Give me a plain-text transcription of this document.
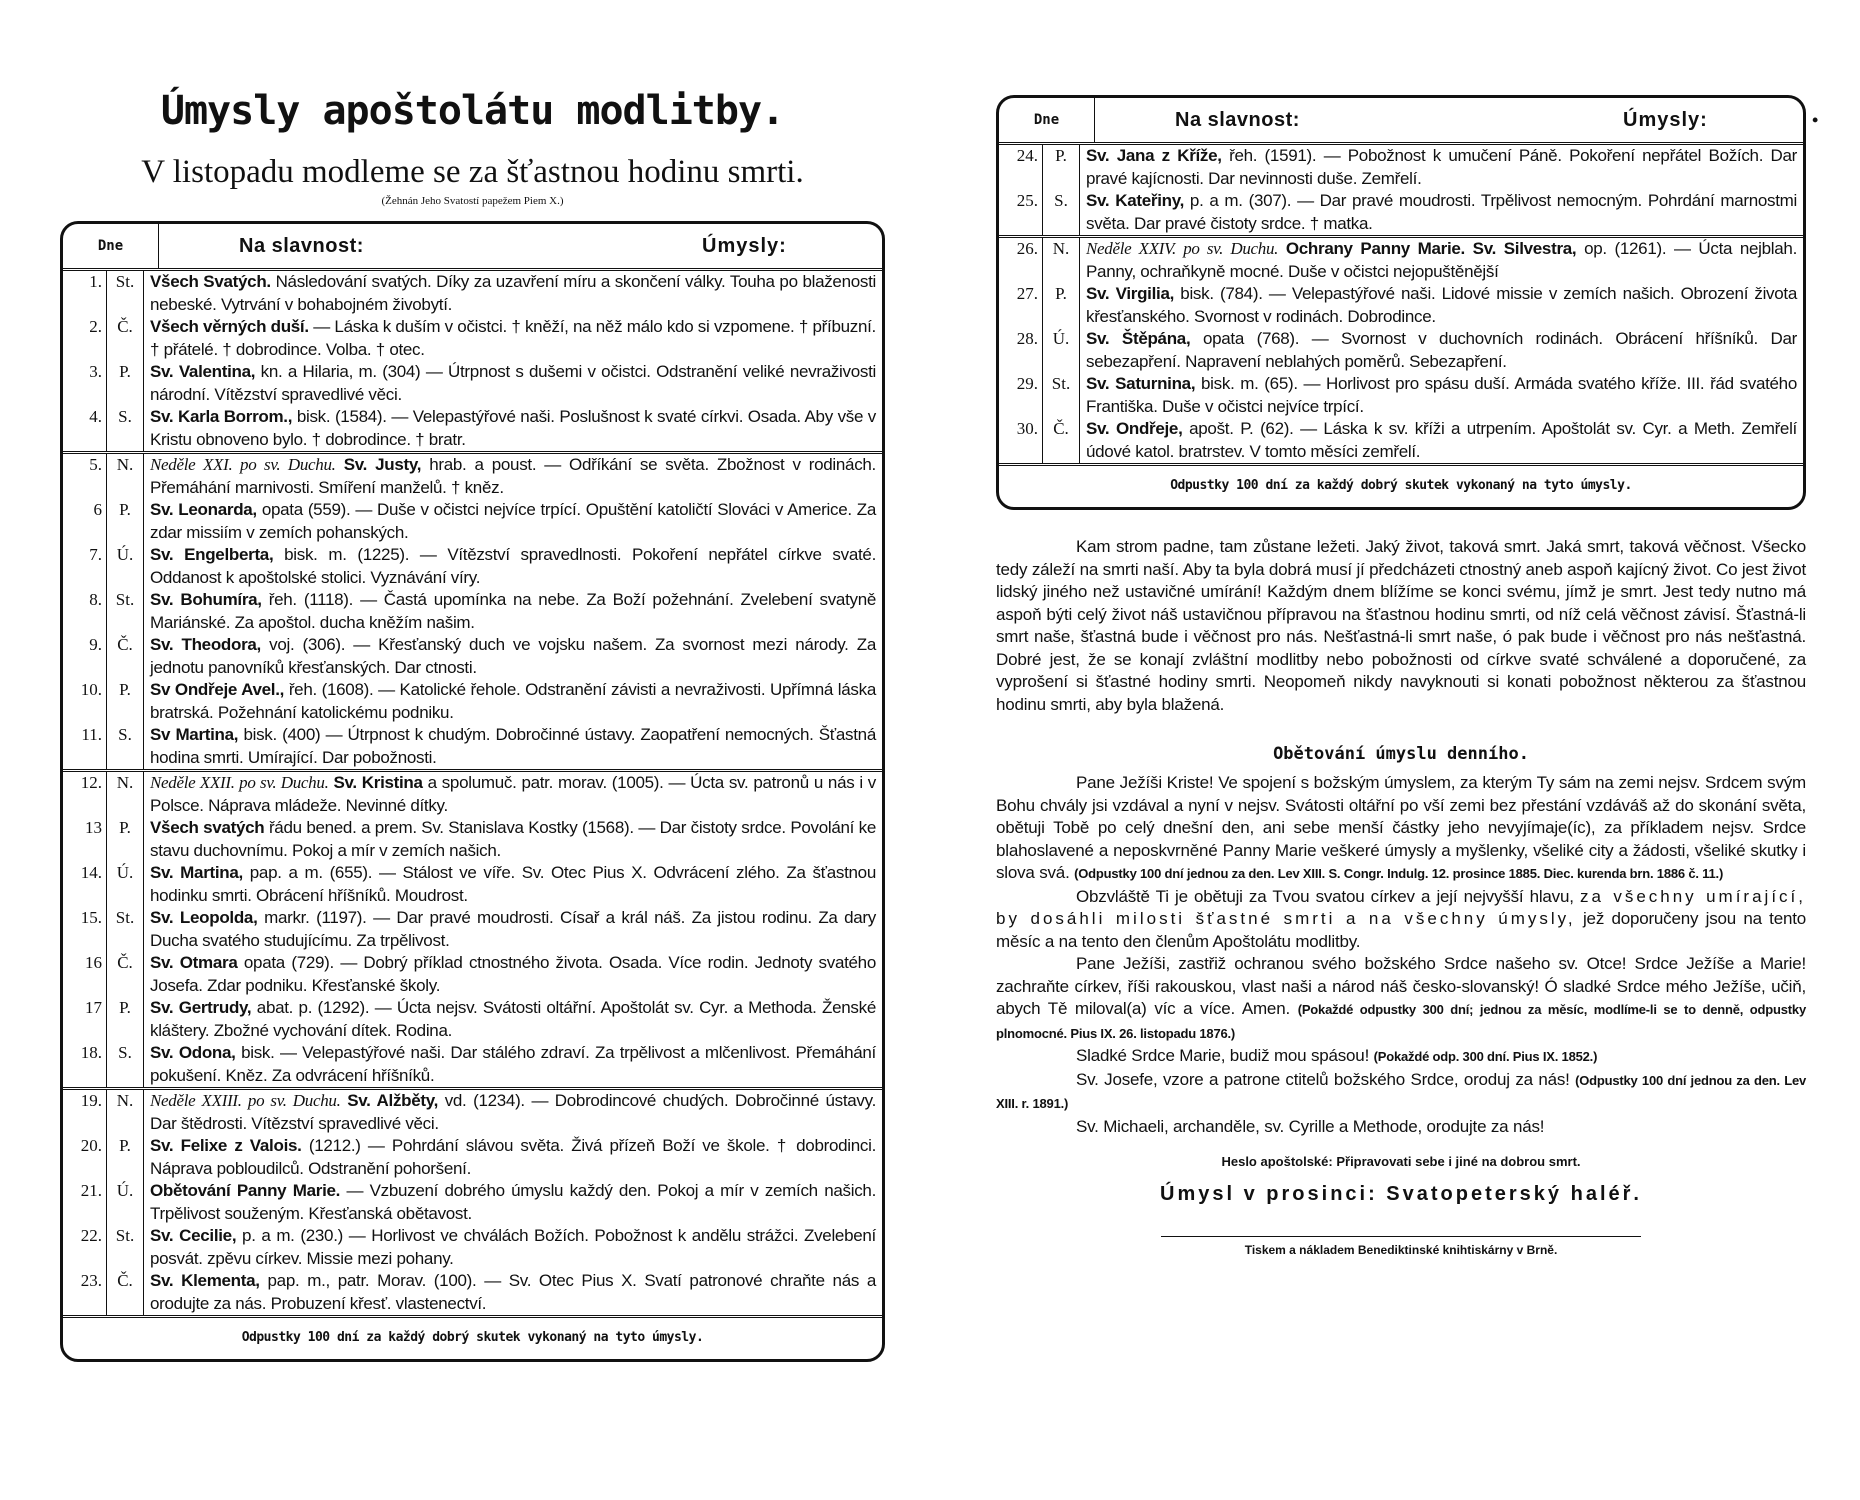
Úmysly apoštolátu modlitby.

V listopadu modleme se za šťastnou hodinu smrti.

(Žehnán Jeho Svatostí papežem Piem X.)

Dne	Na slavnost:	Úmysly:
1. St. Všech Svatých. Následování svatých. Díky za uzavření míru a skončení války. Touha po blaženosti nebeské. Vytrvání v bohabojném živobytí.
2. Č.	Všech věrných duší. — Láska k duším v očistci. † kněží, na něž málo kdo si vzpomene. † příbuzní. † přátelé. † dobrodince. Volba. † otec.
3.	P.	Sv. Valentina, kn. a Hilaria, m. (304) — Útrpnost s dušemi v očistci. Odstranění veliké nevraživosti národní. Vítězství spravedlivé věci.
4. S.	Sv. Karla Borrom., bisk. (1584). — Velepastýřové naši. Poslušnost k svaté církvi. Osada. Aby vše v Kristu obnoveno bylo. † dobrodince. † bratr.
5. N. Neděle XXI. po sv. Duchu. Sv. Justy, hrab. a poust. — Odříkání se světa. Zbožnost v rodinách. Přemáhání marnivosti. Smíření manželů. † kněz.
6	P.	Sv. Leonarda, opata (559). — Duše v očistci nejvíce trpící. Opuštění katoličtí Slováci v Americe. Za zdar missiím v zemích pohanských.
7. Ú. Sv. Engelberta, bisk. m. (1225). — Vítězství spravedlnosti. Pokoření nepřátel církve svaté. Oddanost k apoštolské stolici. Vyznávání víry.
8. St. Sv. Bohumíra, řeh. (1118). — Častá upomínka na nebe. Za Boží požehnání. Zvelebení svatyně Mariánské. Za apoštol. ducha kněžím našim.
9. Č.	Sv. Theodora, voj. (306). — Křesťanský duch ve vojsku našem. Za svornost mezi národy. Za jednotu panovníků křesťanských. Dar ctnosti.
10.	P.	Sv Ondřeje Avel., řeh. (1608). — Katolické řehole. Odstranění závisti a nevraživosti. Upřímná láska bratrská. Požehnání katolickému podniku.
11. S.	Sv Martina, bisk. (400) — Útrpnost k chudým. Dobročinné ústavy. Zaopatření nemocných. Šťastná hodina smrti. Umírající. Dar pobožnosti.
12. N. Neděle XXII. po sv. Duchu. Sv. Kristina a spolumuč. patr. morav. (1005). — Úcta sv. patronů u nás i v Polsce. Náprava mládeže. Nevinné dítky.
13	P.	Všech svatých řádu bened. a prem. Sv. Stanislava Kostky (1568). — Dar čistoty srdce. Povolání ke stavu duchovnímu. Pokoj a mír v zemích našich.
14. Ú. Sv. Martina, pap. a m. (655). — Stálost ve víře. Sv. Otec Pius X. Odvrácení zlého. Za šťastnou hodinku smrti. Obrácení hříšníků. Moudrost.
15. St. Sv. Leopolda, markr. (1197). — Dar pravé moudrosti. Císař a král náš. Za jistou rodinu. Za dary Ducha svatého studujícímu. Za trpělivost.
16 Č.	Sv. Otmara opata (729). — Dobrý příklad ctnostného života. Osada. Více rodin. Jednoty svatého Josefa. Zdar podniku. Křesťanské školy.
17	P.	Sv. Gertrudy, abat. p. (1292). — Úcta nejsv. Svátosti oltářní. Apoštolát sv. Cyr. a Methoda. Ženské kláštery. Zbožné vychování dítek. Rodina.
18. S.	Sv. Odona, bisk. — Velepastýřové naši. Dar stálého zdraví. Za trpělivost a mlčenlivost. Přemáhání pokušení. Kněz. Za odvrácení hříšníků.
19. N. Neděle XXIII. po sv. Duchu. Sv. Alžběty, vd. (1234). — Dobrodincové chudých. Dobročinné ústavy. Dar štědrosti. Vítězství spravedlivé věci.
20.	P.	Sv. Felixe z Valois. (1212.) — Pohrdání slávou světa. Živá přízeň Boží ve škole. † dobrodinci. Náprava pobloudilců. Odstranění pohoršení.
21. Ú. Obětování Panny Marie. — Vzbuzení dobrého úmyslu každý den. Pokoj a mír v zemích našich. Trpělivost souženým. Křesťanská obětavost.
22. St. Sv. Cecilie, p. a m. (230.) — Horlivost ve chválách Božích. Pobožnost k andělu strážci. Zvelebení posvát. zpěvu církev. Missie mezi pohany.
23. Č.	Sv. Klementa, pap. m., patr. Morav. (100). — Sv. Otec Pius X. Svatí patronové chraňte nás a orodujte za nás. Probuzení křesť. vlastenectví.
Odpustky 100 dní za každý dobrý skutek vykonaný na tyto úmysly.
•
Dne	Na slavnost:	Úmysly:
24.	P.	Sv. Jana z Kříže, řeh. (1591). — Pobožnost k umučení Páně. Pokoření nepřátel Božích. Dar pravé kajícnosti. Dar nevinnosti duše. Zemřelí.
25. S.	Sv. Kateřiny, p. a m. (307). — Dar pravé moudrosti. Trpělivost nemocným. Pohrdání marnostmi světa. Dar pravé čistoty srdce. † matka.
26. N. Neděle XXIV. po sv. Duchu. Ochrany Panny Marie. Sv. Silvestra, op. (1261). — Úcta nejblah. Panny, ochraňkyně mocné. Duše v očistci nejopuštěnější
27.	P.	Sv. Virgilia, bisk. (784). — Velepastýřové naši. Lidové missie v zemích našich. Obrození života křesťanského. Svornost v rodinách. Dobrodince.
28. Ú. Sv. Štěpána, opata (768). — Svornost v duchovních rodinách. Obrácení hříšníků. Dar sebezapření. Napravení neblahých poměrů. Sebezapření.
29. St. Sv. Saturnina, bisk. m. (65). — Horlivost pro spásu duší. Armáda svatého kříže. III. řád svatého Františka. Duše v očistci nejvíce trpící.
30. Č.	Sv. Ondřeje, apošt. P. (62). — Láska k sv. kříži a utrpením. Apoštolát sv. Cyr. a Meth. Zemřelí údové katol. bratrstev. V tomto měsíci zemřelí.
Odpustky 100 dní za každý dobrý skutek vykonaný na tyto úmysly.

Kam strom padne, tam zůstane ležeti. Jaký život, taková smrt. Jaká smrt, taková věčnost. Všecko tedy záleží na smrti naší. Aby ta byla dobrá musí jí předcházeti ctnostný aneb aspoň kajícný život. Co jest život lidský jiného než ustavičné umírání! Každým dnem blížíme se konci svému, jímž je smrt. Jest tedy nutno má aspoň býti celý život náš ustavičnou přípravou na šťastnou hodinu smrti, od níž celá věčnost závisí. Šťastná-li smrt naše, šťastná bude i věčnost pro nás. Nešťastná-li smrt naše, ó pak bude i věčnost pro nás nešťastná. Dobré jest, že se konají zvláštní modlitby nebo pobožnosti od církve svaté schválené a doporučené, za vyprošení si šťastné hodiny smrti. Neopomeň nikdy navyknouti si konati pobožnost některou za šťastnou hodinu smrti, aby byla blažená.

Obětování úmyslu denního.

Pane Ježíši Kriste! Ve spojení s božským úmyslem, za kterým Ty sám na zemi nejsv. Srdcem svým Bohu chvály jsi vzdával a nyní v nejsv. Svátosti oltářní po vší zemi bez přestání vzdáváš až do skonání světa, obětuji Tobě po celý dnešní den, ani sebe menší částky jeho nevyjímaje(íc), za příkladem nejsv. Srdce blahoslavené a neposkvrněné Panny Marie veškeré úmysly a myšlenky, všeliké city a žádosti, všeliké skutky i slova svá. (Odpustky 100 dní jednou za den. Lev XIII. S. Congr. Indulg. 12. prosince 1885. Diec. kurenda brn. 1886 č. 11.)

Obzvláště Ti je obětuji za Tvou svatou církev a její nejvyšší hlavu, za všechny umírající, by dosáhli milosti šťastné smrti a na všechny úmysly, jež doporučeny jsou na tento měsíc a na tento den členům Apoštolátu modlitby.

Pane Ježíši, zastřiž ochranou svého božského Srdce našeho sv. Otce! Srdce Ježíše a Marie! zachraňte církev, říši rakouskou, vlast naši a národ náš česko-slovanský! Ó sladké Srdce mého Ježíše, učiň, abych Tě miloval(a) víc a více. Amen. (Pokaždé odpustky 300 dní; jednou za měsíc, modlíme-li se to denně, odpustky plnomocné. Pius IX. 26. listopadu 1876.)

Sladké Srdce Marie, budiž mou spásou! (Pokaždé odp. 300 dní. Pius IX. 1852.)

Sv. Josefe, vzore a patrone ctitelů božského Srdce, oroduj za nás! (Odpustky 100 dní jednou za den. Lev XIII. r. 1891.)

Sv. Michaeli, archanděle, sv. Cyrille a Methode, orodujte za nás!

Heslo apoštolské: Připravovati sebe i jiné na dobrou smrt.
Úmysl v prosinci: Svatopeterský haléř.
Tiskem a nákladem Benediktinské knihtiskárny v Brně.
